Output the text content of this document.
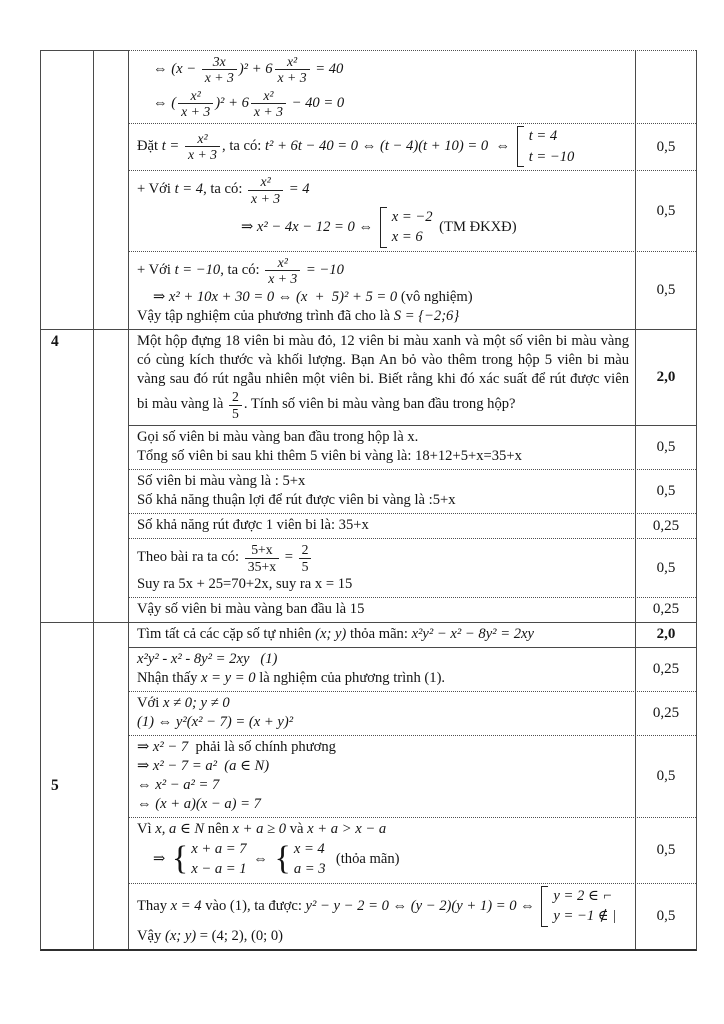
⇔ $(x - \frac{3x}{x + 3} )^2 + 6 \frac{\text{x²}}{x + 3} = 40$
⇔ ( $\frac{\text{x²}}{x + 3} )^2 + 6 \frac{\text{x²}}{x + 3} - 40 = 0$
Đặt $t = \frac{\text{x²}}{x + 3}$ , ta có: t² + 6t − 40 = 0 ⇔ (t − 4)(t + 10) = 0  ⇔
t = 4
t = −10
0,5
+ Với t = 4, ta có: $\frac{\text{x²}}{x + 3} = 4$
⇒ x² − 4x − 12 = 0 ⇔
x = −2
x = 6
(TM ĐKXĐ)
0,5
+ Với t = −10, ta có: $\frac{\text{x²}}{x + 3} = -10$
⇒ x² + 10x + 30 = 0 ⇔ (x  +  5)² + 5 = 0 (vô nghiệm)
Vậy tập nghiệm của phương trình đã cho là S = {−2;6}
0,5
4	Một hộp đựng 18 viên bi màu đỏ, 12 viên bi màu xanh và một số viên bi màu vàng có cùng kích thước và khối lượng. Bạn An bỏ vào thêm trong hộp 5 viên bi màu vàng sau đó rút ngẫu nhiên một viên bi. Biết rằng khi đó xác suất để rút được viên bi màu vàng là $\frac{2}{5}$ . Tính số viên bi màu vàng ban đầu trong hộp?
2,0
Gọi số viên bi màu vàng ban đầu trong hộp là x.
Tổng số viên bi sau khi thêm 5 viên bi vàng là: 18+12+5+x=35+x
0,5
Số viên bi màu vàng là : 5+x
Số khả năng thuận lợi để rút được viên bi vàng là :5+x
0,5
Số khả năng rút được 1 viên bi là: 35+x	0,25
Theo bài ra ta có: $\frac{5+x}{35+x} = \frac{2}{5}$
Suy ra 5x + 25=70+2x, suy ra x = 15
0,5
Vậy số viên bi màu vàng ban đầu là 15	0,25
5
Tìm tất cả các cặp số tự nhiên (x; y) thỏa mãn: x²y² − x² − 8y² = 2xy	2,0
x²y² - x² - 8y² = 2xy   (1)
Nhận thấy x = y = 0 là nghiệm của phương trình (1).
0,25
Với x ≠ 0; y ≠ 0
(1) ⇔ y²(x² − 7) = (x + y)²
0,25
⇒ x² − 7  phải là số chính phương
⇒ x² − 7 = a²  (a ∈ N)
⇔ x² − a² = 7
⇔ (x + a)(x − a) = 7
0,5
Vì x, a ∈ N nên x + a ≥ 0 và x + a > x − a
⇒ { x + a = 7
x − a = 1
⇔ { x = 4
a = 3
(thỏa mãn)
0,5
Thay x = 4 vào (1), ta được: y² − y − 2 = 0 ⇔ (y − 2)(y + 1) = 0 ⇔
y = 2 ∈ ⌐
y = −1 ∉ |
Vậy (x; y) = (4; 2), (0; 0)
0,5
